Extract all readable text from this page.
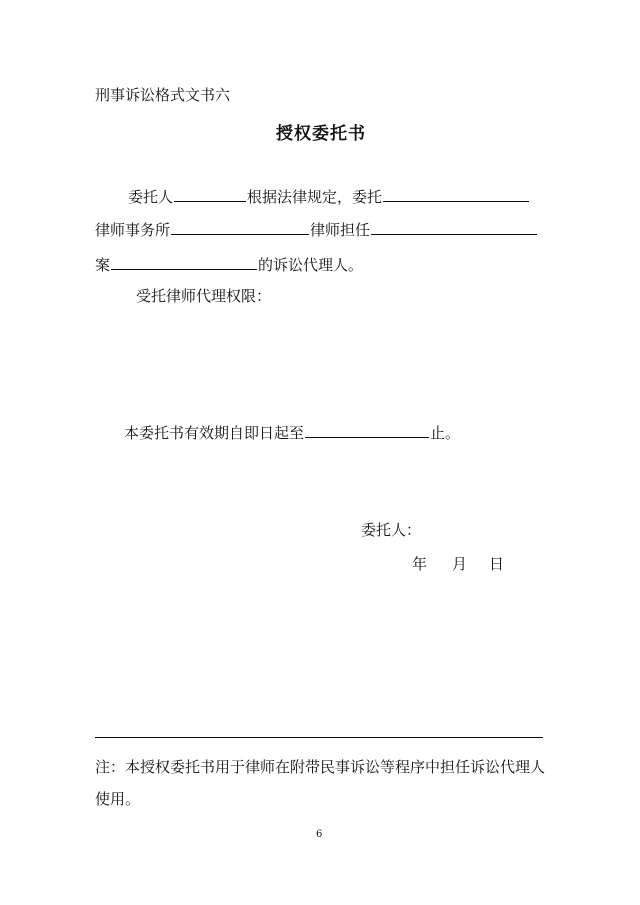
刑事诉讼格式文书六
授权委托书
委托人	根据法律规定，委托
律师事务所	律师担任
案	的诉讼代理人。
受托律师代理权限：
本委托书有效期自即日起至	止。
委托人：
年 月 日
注：本授权委托书用于律师在附带民事诉讼等程序中担任诉讼代理人
使用。
6
